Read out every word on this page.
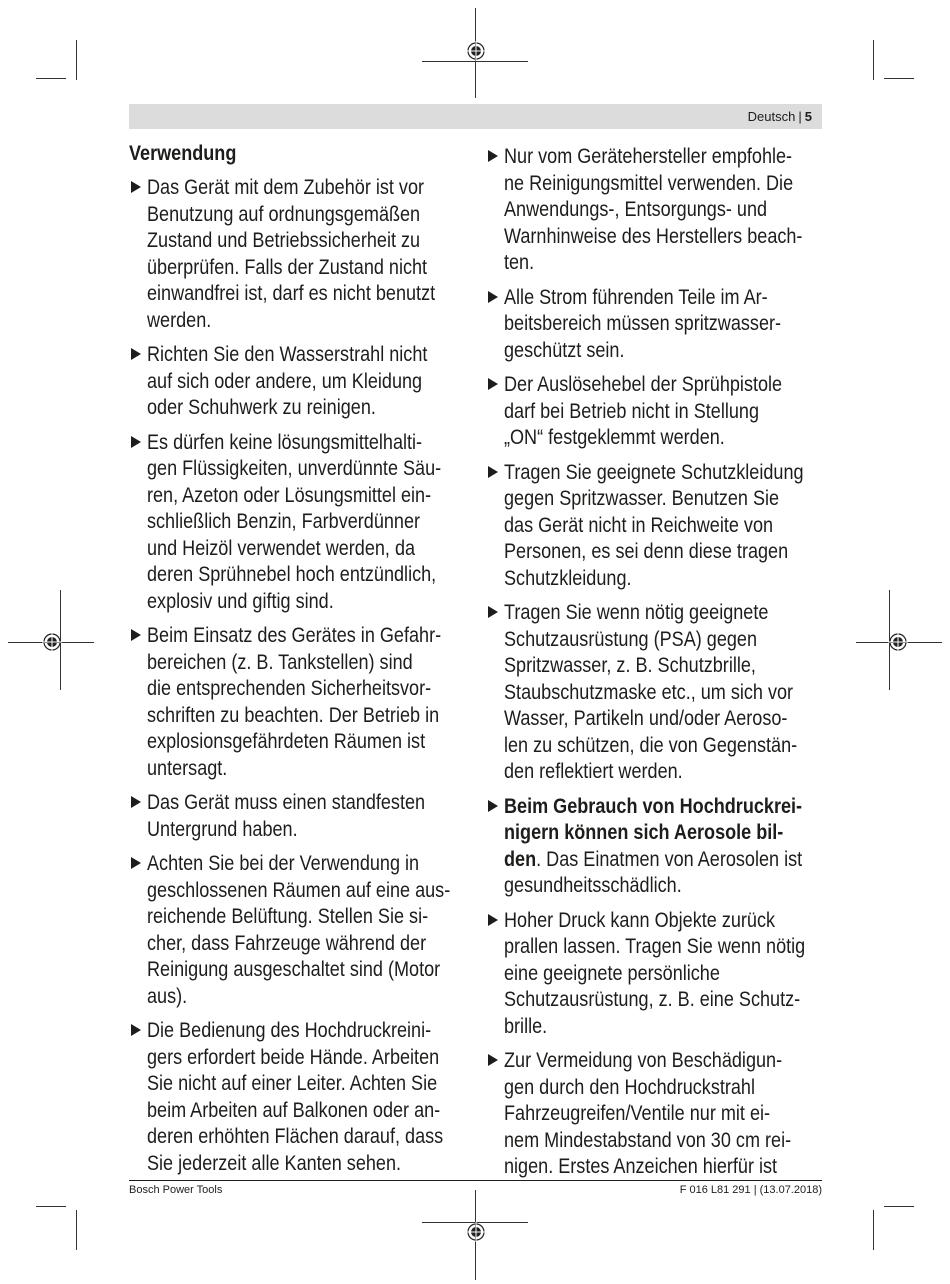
Deutsch | 5
Verwendung
Das Gerät mit dem Zubehör ist vor
Benutzung auf ordnungsgemäßen
Zustand und Betriebssicherheit zu
überprüfen. Falls der Zustand nicht
einwandfrei ist, darf es nicht benutzt
werden.
Richten Sie den Wasserstrahl nicht
auf sich oder andere, um Kleidung
oder Schuhwerk zu reinigen.
Es dürfen keine lösungsmittelhalti-
gen Flüssigkeiten, unverdünnte Säu-
ren, Azeton oder Lösungsmittel ein-
schließlich Benzin, Farbverdünner
und Heizöl verwendet werden, da
deren Sprühnebel hoch entzündlich,
explosiv und giftig sind.
Beim Einsatz des Gerätes in Gefahr-
bereichen (z. B. Tankstellen) sind
die entsprechenden Sicherheitsvor-
schriften zu beachten. Der Betrieb in
explosionsgefährdeten Räumen ist
untersagt.
Das Gerät muss einen standfesten
Untergrund haben.
Achten Sie bei der Verwendung in
geschlossenen Räumen auf eine aus-
reichende Belüftung. Stellen Sie si-
cher, dass Fahrzeuge während der
Reinigung ausgeschaltet sind (Motor
aus).
Die Bedienung des Hochdruckreini-
gers erfordert beide Hände. Arbeiten
Sie nicht auf einer Leiter. Achten Sie
beim Arbeiten auf Balkonen oder an-
deren erhöhten Flächen darauf, dass
Sie jederzeit alle Kanten sehen.
Nur vom Gerätehersteller empfohle-
ne Reinigungsmittel verwenden. Die
Anwendungs-, Entsorgungs- und
Warnhinweise des Herstellers beach-
ten.
Alle Strom führenden Teile im Ar-
beitsbereich müssen spritzwasser-
geschützt sein.
Der Auslösehebel der Sprühpistole
darf bei Betrieb nicht in Stellung
„ON“ festgeklemmt werden.
Tragen Sie geeignete Schutzkleidung
gegen Spritzwasser. Benutzen Sie
das Gerät nicht in Reichweite von
Personen, es sei denn diese tragen
Schutzkleidung.
Tragen Sie wenn nötig geeignete
Schutzausrüstung (PSA) gegen
Spritzwasser, z. B. Schutzbrille,
Staubschutzmaske etc., um sich vor
Wasser, Partikeln und/oder Aeroso-
len zu schützen, die von Gegenstän-
den reflektiert werden.
Beim Gebrauch von Hochdruckrei-
nigern können sich Aerosole bil-
den. Das Einatmen von Aerosolen ist
gesundheitsschädlich.
Hoher Druck kann Objekte zurück
prallen lassen. Tragen Sie wenn nötig
eine geeignete persönliche
Schutzausrüstung, z. B. eine Schutz-
brille.
Zur Vermeidung von Beschädigun-
gen durch den Hochdruckstrahl
Fahrzeugreifen/Ventile nur mit ei-
nem Mindestabstand von 30 cm rei-
nigen. Erstes Anzeichen hierfür ist
Bosch Power Tools	F 016 L81 291 | (13.07.2018)
